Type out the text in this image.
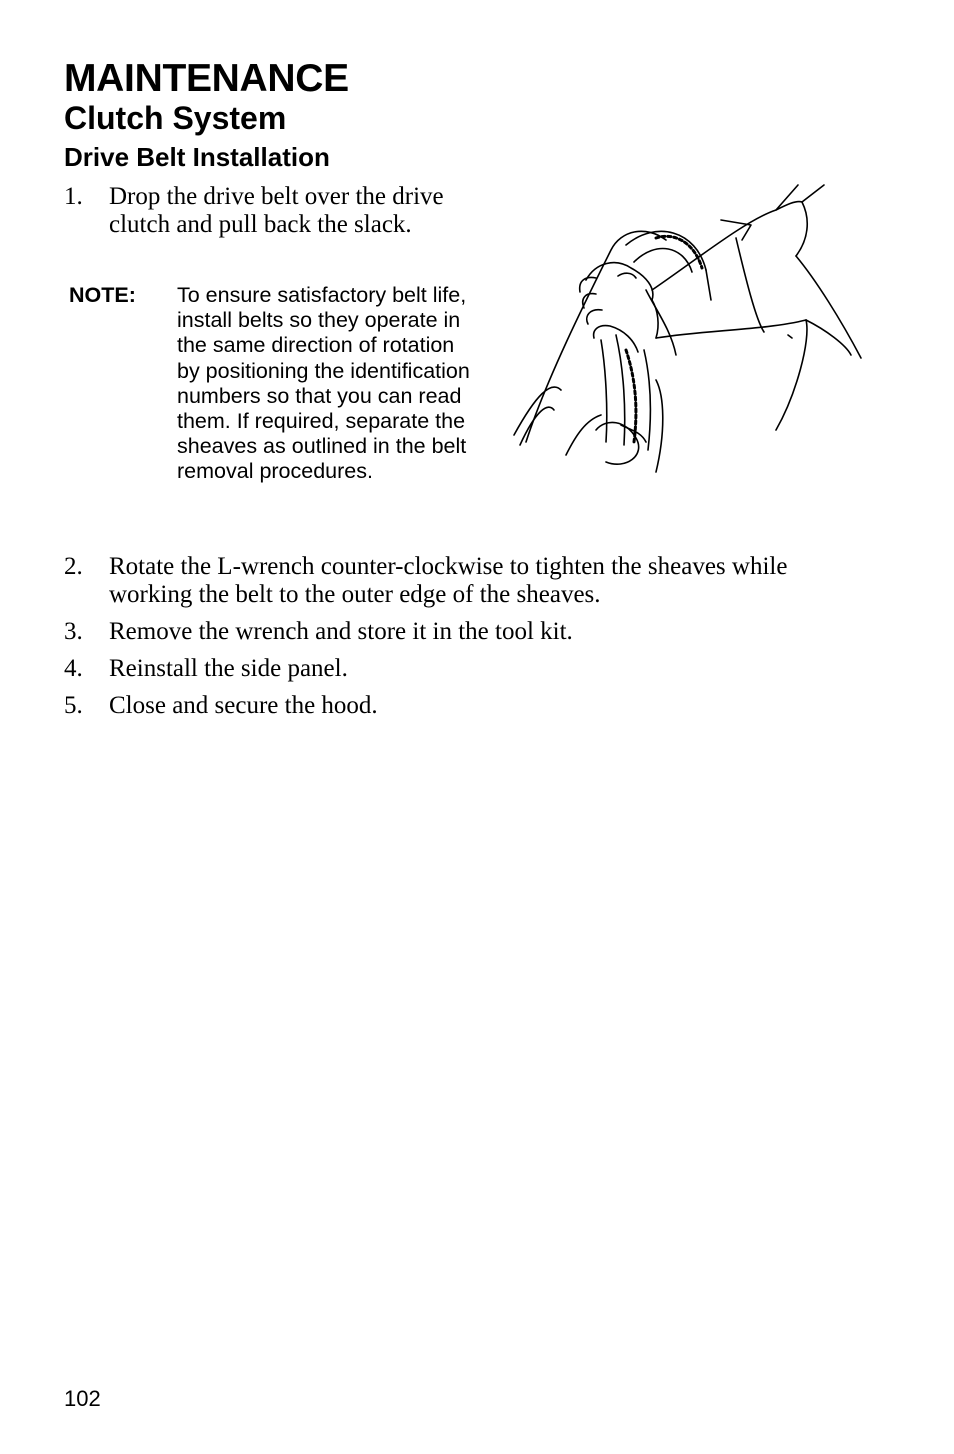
MAINTENANCE
Clutch System
Drive Belt Installation
1.	Drop the drive belt over the drive clutch and pull back the slack.
NOTE: To ensure satisfactory belt life, install belts so they operate in the same direction of rotation by positioning the identification numbers so that you can read them. If required, separate the sheaves as outlined in the belt removal procedures.
2.	Rotate the L-wrench counter-clockwise to tighten the sheaves while working the belt to the outer edge of the sheaves.
3.	Remove the wrench and store it in the tool kit.
4.	Reinstall the side panel.
5.	Close and secure the hood.
102
